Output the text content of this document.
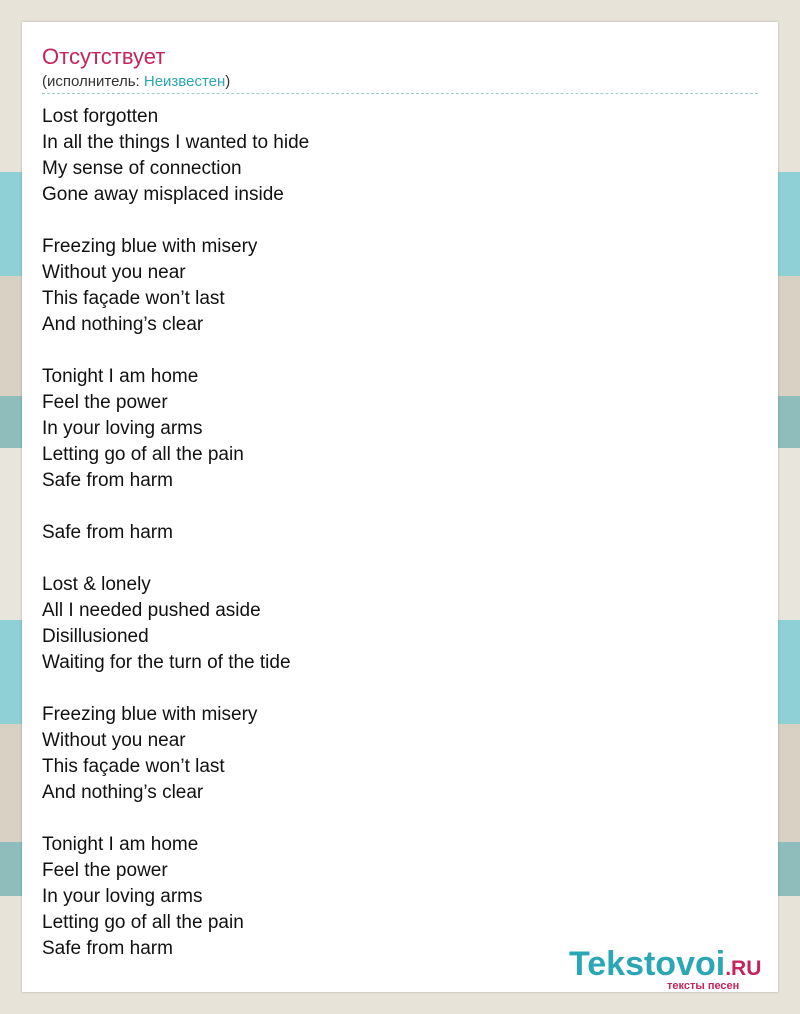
Отсутствует
(исполнитель: Неизвестен)
Lost forgotten
In all the things I wanted to hide
My sense of connection
Gone away misplaced inside
Freezing blue with misery
Without you near
This façade won’t last
And nothing’s clear
Tonight I am home
Feel the power
In your loving arms
Letting go of all the pain
Safe from harm
Safe from harm
Lost & lonely
All I needed pushed aside
Disillusioned
Waiting for the turn of the tide
Freezing blue with misery
Without you near
This façade won’t last
And nothing’s clear
Tonight I am home
Feel the power
In your loving arms
Letting go of all the pain
Safe from harm	Tekstovoi.RU
тексты песен
